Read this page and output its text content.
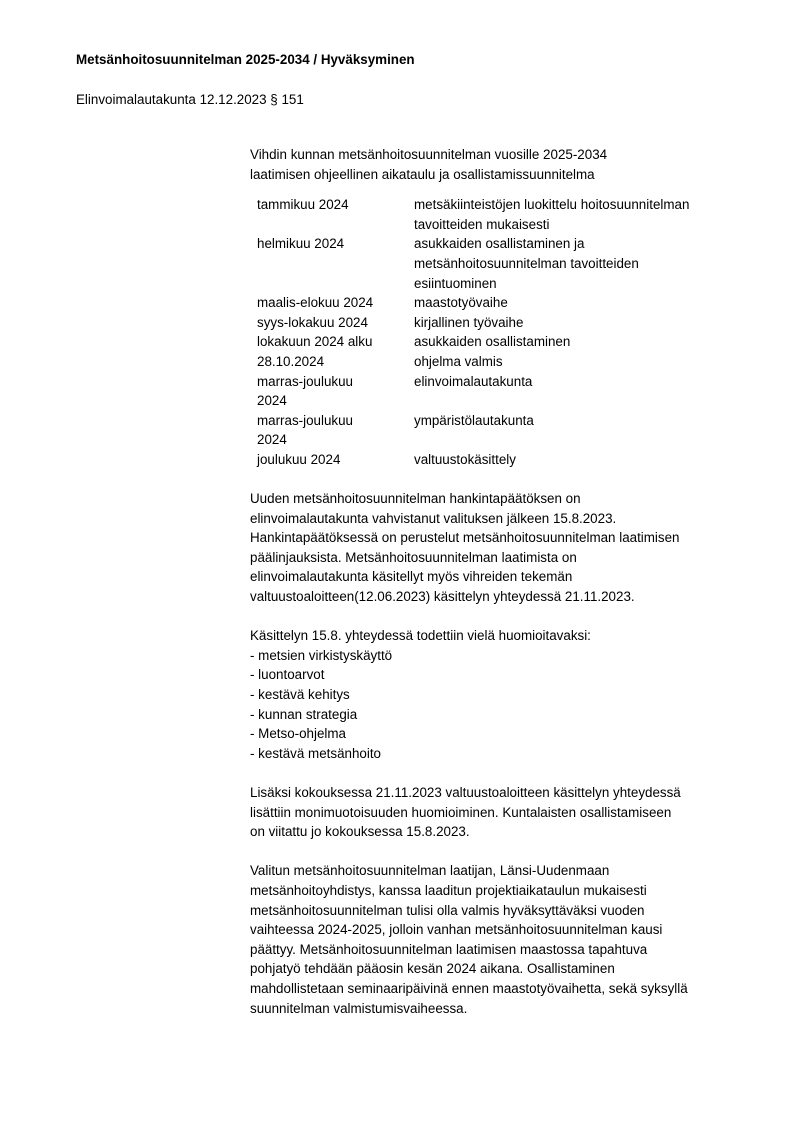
Metsänhoitosuunnitelman 2025-2034 / Hyväksyminen
Elinvoimalautakunta 12.12.2023 § 151

Vihdin kunnan metsänhoitosuunnitelman vuosille 2025-2034
laatimisen ohjeellinen aikataulu ja osallistamissuunnitelma

tammikuu 2024	metsäkiinteistöjen luokittelu hoitosuunnitelman
tavoitteiden mukaisesti

helmikuu 2024	asukkaiden osallistaminen ja
metsänhoitosuunnitelman tavoitteiden
esiintuominen

maalis-elokuu 2024	maastotyövaihe

syys-lokakuu 2024	kirjallinen työvaihe

lokakuun 2024 alku	asukkaiden osallistaminen

28.10.2024	ohjelma valmis

marras-joulukuu
2024	elinvoimalautakunta

marras-joulukuu
2024	ympäristölautakunta

joulukuu 2024	valtuustokäsittely

Uuden metsänhoitosuunnitelman hankintapäätöksen on
elinvoimalautakunta vahvistanut valituksen jälkeen 15.8.2023.
Hankintapäätöksessä on perustelut metsänhoitosuunnitelman laatimisen
päälinjauksista. Metsänhoitosuunnitelman laatimista on
elinvoimalautakunta käsitellyt myös vihreiden tekemän
valtuustoaloitteen(12.06.2023) käsittelyn yhteydessä 21.11.2023.

Käsittelyn 15.8. yhteydessä todettiin vielä huomioitavaksi:

- metsien virkistyskäyttö
- luontoarvot
- kestävä kehitys
- kunnan strategia
- Metso-ohjelma
- kestävä metsänhoito

Lisäksi kokouksessa 21.11.2023 valtuustoaloitteen käsittelyn yhteydessä
lisättiin monimuotoisuuden huomioiminen. Kuntalaisten osallistamiseen
on viitattu jo kokouksessa 15.8.2023.

Valitun metsänhoitosuunnitelman laatijan, Länsi-Uudenmaan
metsänhoitoyhdistys, kanssa laaditun projektiaikataulun mukaisesti
metsänhoitosuunnitelman tulisi olla valmis hyväksyttäväksi vuoden
vaihteessa 2024-2025, jolloin vanhan metsänhoitosuunnitelman kausi
päättyy. Metsänhoitosuunnitelman laatimisen maastossa tapahtuva
pohjatyö tehdään pääosin kesän 2024 aikana. Osallistaminen
mahdollistetaan seminaaripäivinä ennen maastotyövaihetta, sekä syksyllä
suunnitelman valmistumisvaiheessa.
